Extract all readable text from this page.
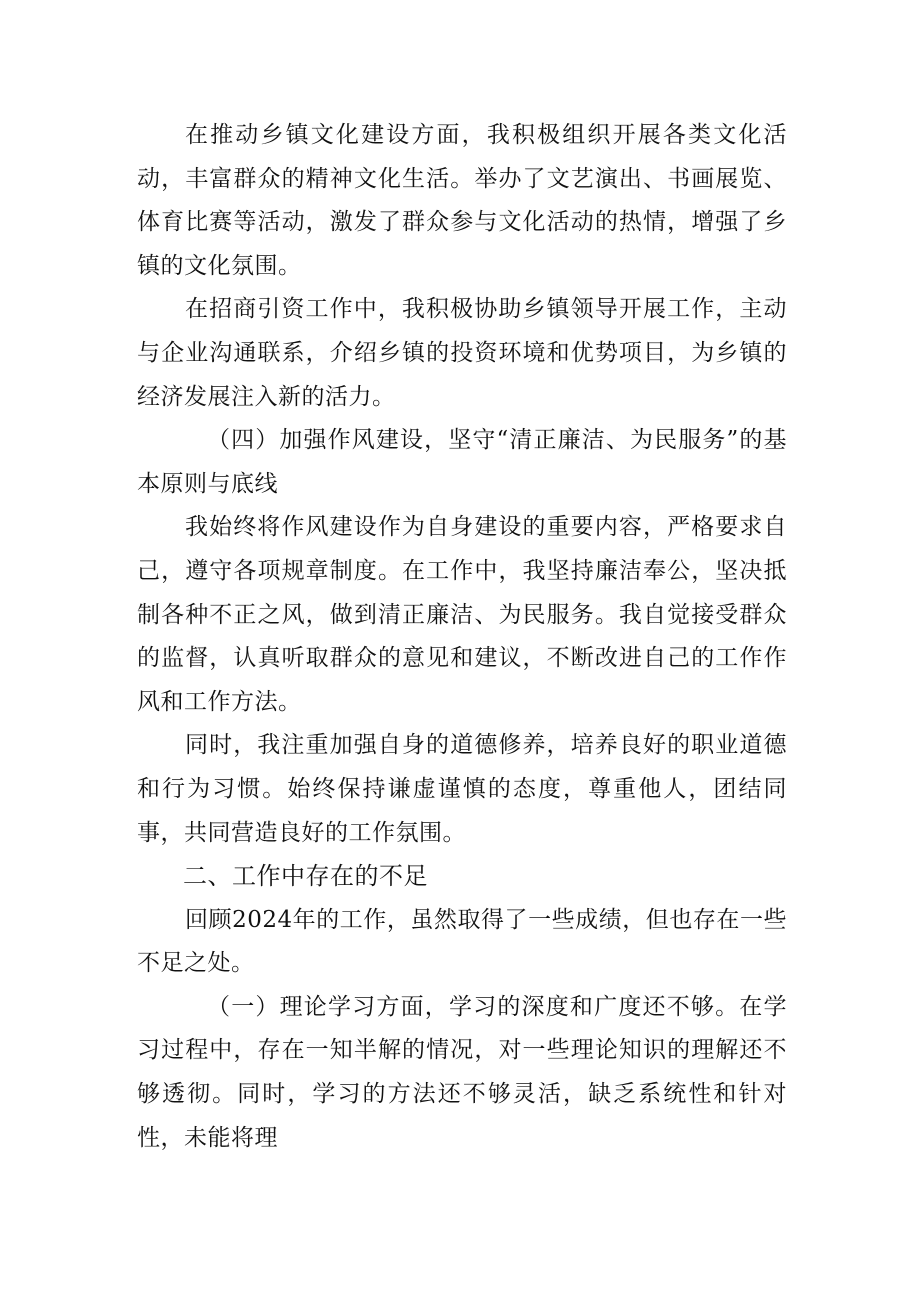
在推动乡镇文化建设方面，我积极组织开展各类文化活动，丰富群众的精神文化生活。举办了文艺演出、书画展览、体育比赛等活动，激发了群众参与文化活动的热情，增强了乡镇的文化氛围。

在招商引资工作中，我积极协助乡镇领导开展工作，主动与企业沟通联系，介绍乡镇的投资环境和优势项目，为乡镇的经济发展注入新的活力。

（四）加强作风建设，坚守“清正廉洁、为民服务”的基本原则与底线

我始终将作风建设作为自身建设的重要内容，严格要求自己，遵守各项规章制度。在工作中，我坚持廉洁奉公，坚决抵制各种不正之风，做到清正廉洁、为民服务。我自觉接受群众的监督，认真听取群众的意见和建议，不断改进自己的工作作风和工作方法。

同时，我注重加强自身的道德修养，培养良好的职业道德和行为习惯。始终保持谦虚谨慎的态度，尊重他人，团结同事，共同营造良好的工作氛围。

二、工作中存在的不足

回顾2024年的工作，虽然取得了一些成绩，但也存在一些不足之处。

（一）理论学习方面，学习的深度和广度还不够。在学习过程中，存在一知半解的情况，对一些理论知识的理解还不够透彻。同时，学习的方法还不够灵活，缺乏系统性和针对性，未能将理
